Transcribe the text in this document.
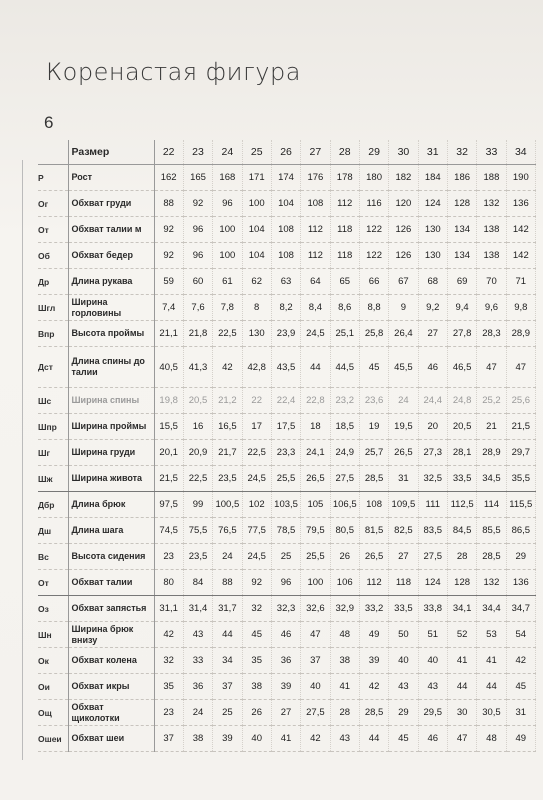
Коренастая фигура
6
	Размер	22	23	24	25	26	27	28	29	30	31	32	33	34
Р	Рост	162	165	168	171	174	176	178	180	182	184	186	188	190
Ог	Обхват груди	88	92	96	100	104	108	112	116	120	124	128	132	136
От	Обхват талии м	92	96	100	104	108	112	118	122	126	130	134	138	142
Об	Обхват бедер	92	96	100	104	108	112	118	122	126	130	134	138	142
Др	Длина рукава	59	60	61	62	63	64	65	66	67	68	69	70	71
Шгл	Ширина горловины	7,4	7,6	7,8	8	8,2	8,4	8,6	8,8	9	9,2	9,4	9,6	9,8
Впр	Высота проймы	21,1	21,8	22,5	130	23,9	24,5	25,1	25,8	26,4	27	27,8	28,3	28,9
Дст	Длина спины до талии	40,5	41,3	42	42,8	43,5	44	44,5	45	45,5	46	46,5	47	47
Шс	Ширина спины	19,8	20,5	21,2	22	22,4	22,8	23,2	23,6	24	24,4	24,8	25,2	25,6
Шпр	Ширина проймы	15,5	16	16,5	17	17,5	18	18,5	19	19,5	20	20,5	21	21,5
Шг	Ширина груди	20,1	20,9	21,7	22,5	23,3	24,1	24,9	25,7	26,5	27,3	28,1	28,9	29,7
Шж	Ширина живота	21,5	22,5	23,5	24,5	25,5	26,5	27,5	28,5	31	32,5	33,5	34,5	35,5
Дбр	Длина брюк	97,5	99	100,5	102	103,5	105	106,5	108	109,5	111	112,5	114	115,5
Дш	Длина шага	74,5	75,5	76,5	77,5	78,5	79,5	80,5	81,5	82,5	83,5	84,5	85,5	86,5
Вс	Высота сидения	23	23,5	24	24,5	25	25,5	26	26,5	27	27,5	28	28,5	29
От	Обхват талии	80	84	88	92	96	100	106	112	118	124	128	132	136
Оз	Обхват запястья	31,1	31,4	31,7	32	32,3	32,6	32,9	33,2	33,5	33,8	34,1	34,4	34,7
Шн	Ширина брюк внизу	42	43	44	45	46	47	48	49	50	51	52	53	54
Ок	Обхват колена	32	33	34	35	36	37	38	39	40	40	41	41	42
Ои	Обхват икры	35	36	37	38	39	40	41	42	43	43	44	44	45
Ощ	Обхват щиколотки	23	24	25	26	27	27,5	28	28,5	29	29,5	30	30,5	31
Ошеи	Обхват шеи	37	38	39	40	41	42	43	44	45	46	47	48	49
